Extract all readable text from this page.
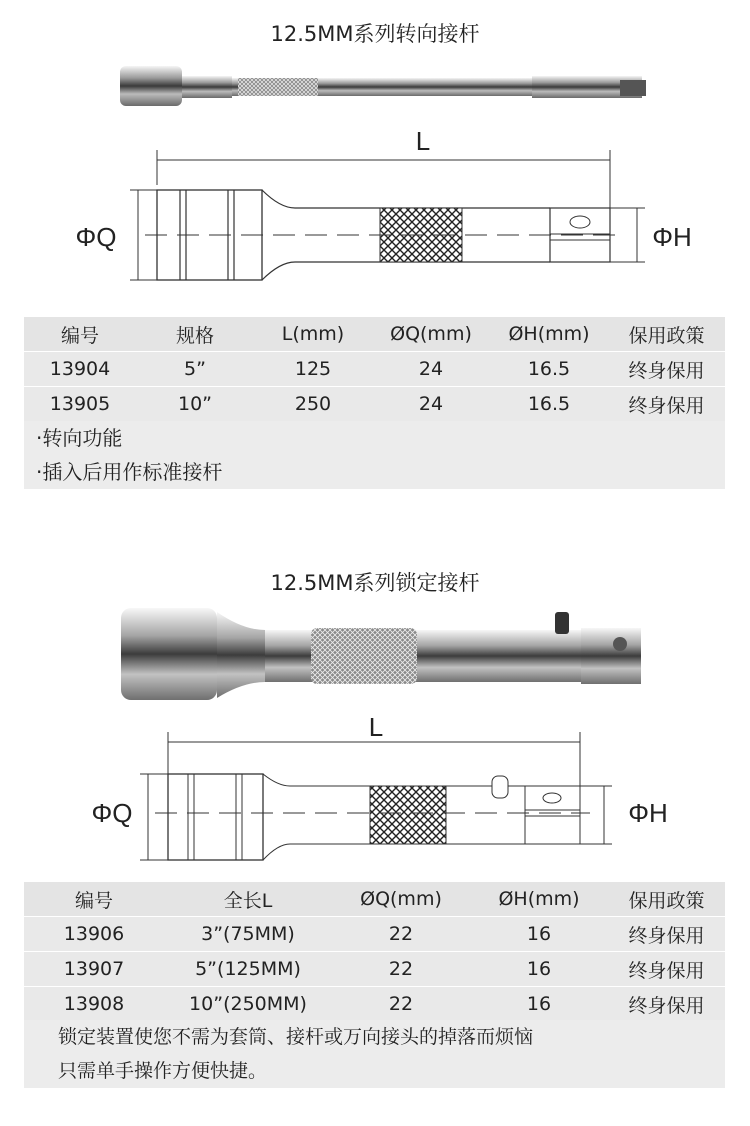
12.5MM系列转向接杆
L
ΦQ	ΦH
编号	规格	L(mm)	ØQ(mm)	ØH(mm)	保用政策
13904	5”	125	24	16.5	终身保用
13905	10”	250	24	16.5	终身保用
·转向功能
·插入后用作标准接杆
12.5MM系列锁定接杆
L
ΦQ	ΦH
编号	全长L	ØQ(mm)	ØH(mm)	保用政策
13906	3”(75MM)	22	16	终身保用
13907	5”(125MM)	22	16	终身保用
13908	10”(250MM)	22	16	终身保用
锁定装置使您不需为套筒、接杆或万向接头的掉落而烦恼
只需单手操作方便快捷。
